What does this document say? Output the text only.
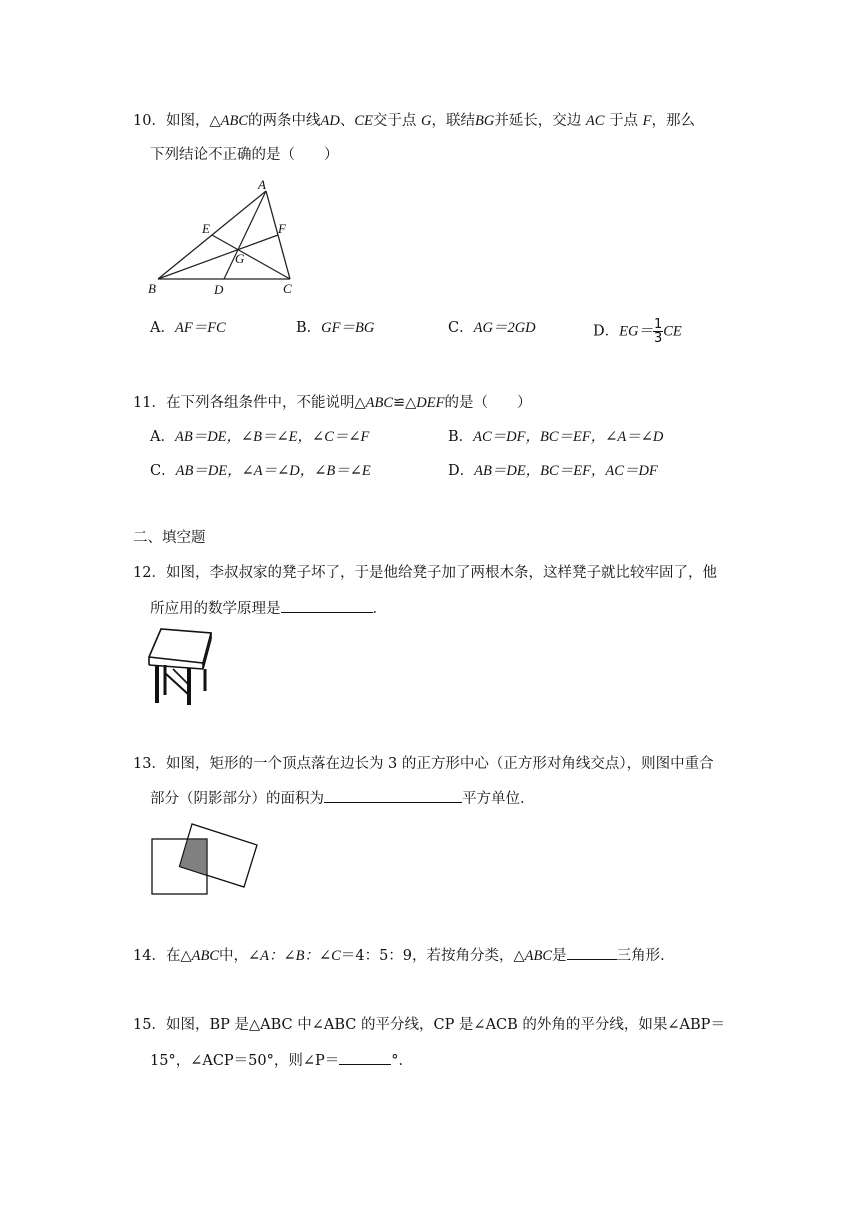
10．如图，△ABC的两条中线AD、CE交于点 G，联结BG并延长，交边 AC 于点 F，那么
下列结论不正确的是（　　）
A
B	C
D
E	F
G
A．AF＝FC	B．GF＝BG	C．AG＝2GD	D．$EG= \frac{1}{3}$ CE
11．在下列各组条件中，不能说明△ABC≌△DEF的是（　　）
A．AB＝DE，∠B＝∠E，∠C＝∠F	B．AC＝DF，BC＝EF，∠A＝∠D
C．AB＝DE，∠A＝∠D，∠B＝∠E	D．AB＝DE，BC＝EF，AC＝DF
二、填空题
12．如图，李叔叔家的凳子坏了，于是他给凳子加了两根木条，这样凳子就比较牢固了，他
所应用的数学原理是	．
13．如图，矩形的一个顶点落在边长为 3 的正方形中心（正方形对角线交点），则图中重合
部分（阴影部分）的面积为	平方单位．
14．在△ABC中，∠A：∠B：∠C＝4：5：9，若按角分类，△ABC是	三角形．
15．如图，BP 是△ABC 中∠ABC 的平分线，CP 是∠ACB 的外角的平分线，如果∠ABP＝
15°，∠ACP＝50°，则∠P＝	°．
